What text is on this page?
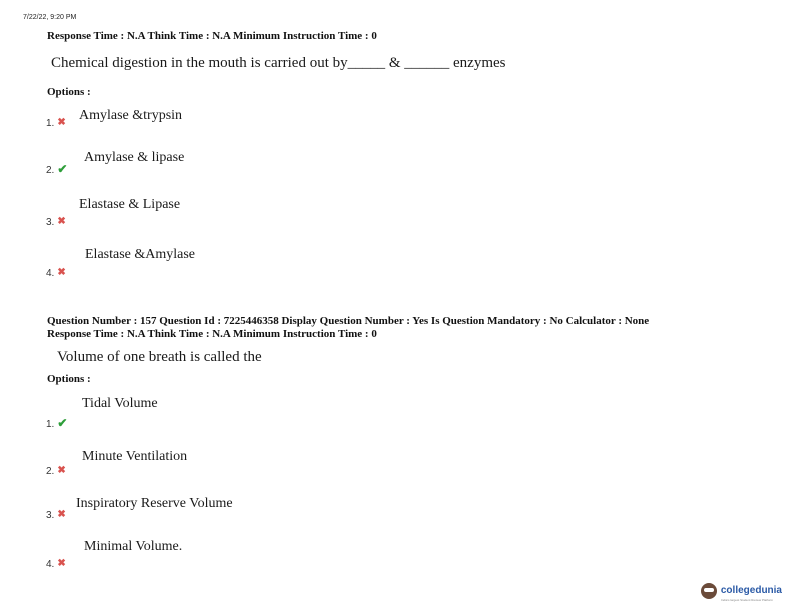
7/22/22, 9:20 PM
Response Time : N.A Think Time : N.A Minimum Instruction Time : 0
Chemical digestion in the mouth is carried out by_____ & ______ enzymes
Options :
1. ✖ Amylase &trypsin
2. ✔
Amylase & lipase
3. ✖
Elastase & Lipase
4. ✖
Elastase &Amylase
Question Number : 157 Question Id : 7225446358 Display Question Number : Yes Is Question Mandatory : No Calculator : None
Response Time : N.A Think Time : N.A Minimum Instruction Time : 0
Volume of one breath is called the
Options :
1. ✔
Tidal Volume
2. ✖
Minute Ventilation
3. ✖
Inspiratory Reserve Volume
4. ✖
Minimal Volume.
collegedunia
India's largest Student Review Platform
